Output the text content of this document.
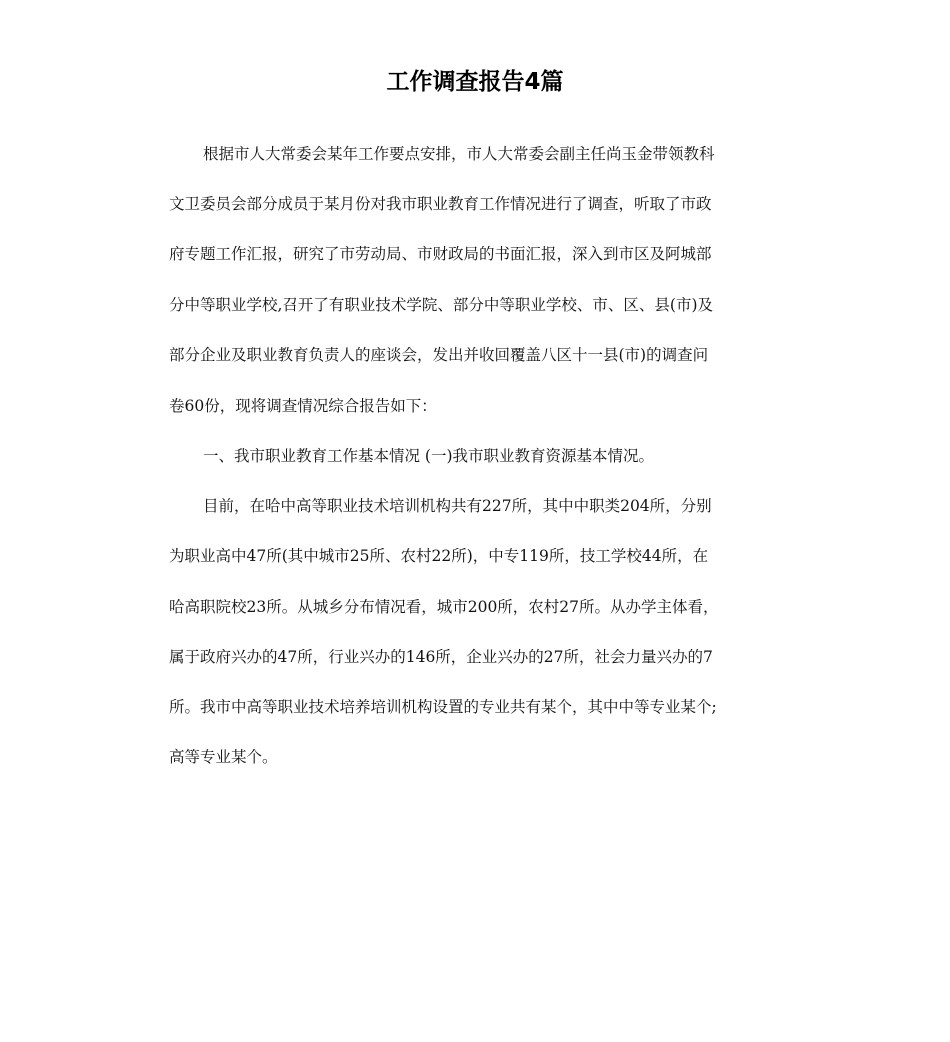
工作调查报告4篇
根据市人大常委会某年工作要点安排，市人大常委会副主任尚玉金带领教科
文卫委员会部分成员于某月份对我市职业教育工作情况进行了调查，听取了市政
府专题工作汇报，研究了市劳动局、市财政局的书面汇报，深入到市区及阿城部
分中等职业学校,召开了有职业技术学院、部分中等职业学校、市、区、县(市)及
部分企业及职业教育负责人的座谈会，发出并收回覆盖八区十一县(市)的调查问
卷60份，现将调查情况综合报告如下：
一、我市职业教育工作基本情况 (一)我市职业教育资源基本情况。
目前，在哈中高等职业技术培训机构共有227所，其中中职类204所，分别
为职业高中47所(其中城市25所、农村22所)，中专119所，技工学校44所，在
哈高职院校23所。从城乡分布情况看，城市200所，农村27所。从办学主体看，
属于政府兴办的47所，行业兴办的146所，企业兴办的27所，社会力量兴办的7
所。我市中高等职业技术培养培训机构设置的专业共有某个，其中中等专业某个;
高等专业某个。
